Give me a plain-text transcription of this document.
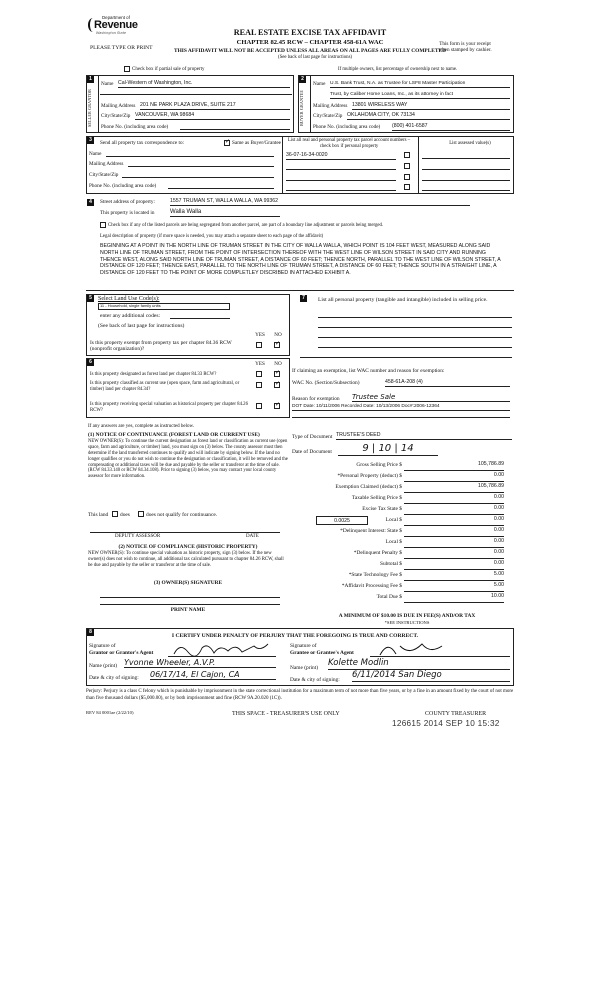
Department of
Revenue
Washington State
PLEASE TYPE OR PRINT
REAL ESTATE EXCISE TAX AFFIDAVIT
CHAPTER 82.45 RCW – CHAPTER 458-61A WAC
THIS AFFIDAVIT WILL NOT BE ACCEPTED UNLESS ALL AREAS ON ALL PAGES ARE FULLY COMPLETED
(See back of last page for instructions)
This form is your receipt
when stamped by cashier.
Check box if partial sale of property	If multiple owners, list percentage of ownership next to name.
1
SELLER GRANTOR
Name Cal-Western of Washington, Inc.
Mailing Address 201 NE PARK PLAZA DRIVE, SUITE 217
City/State/Zip VANCOUVER, WA 98684
Phone No. (including area code)
2
BUYER GRANTEE
Name U.S. Bank Trust, N.A. as Trustee for LSF8 Master Participation
Trust, by Caliber Home Loans, Inc., as its attorney in fact
Mailing Address 13801 WIRELESS WAY
City/State/Zip OKLAHOMA CITY, OK 73134
Phone No. (including area code) (800) 401-6587
3	Send all property tax correspondence to:
✓	Same as Buyer/Grantee
Name
Mailing Address
City/State/Zip
Phone No. (including area code)
List all real and personal property tax parcel account numbers – check box if personal property
List assessed value(s)
36-07-16-34-0020
4	Street address of property:	1557 TRUMAN ST, WALLA WALLA, WA 99362
This property is located in	Walla Walla
Check box if any of the listed parcels are being segregated from another parcel, are part of a boundary line adjustment or parcels being merged.
Legal description of property (if more space is needed, you may attach a separate sheet to each page of the affidavit)
BEGINNING AT A POINT IN THE NORTH LINE OF TRUMAN STREET IN THE CITY OF WALLA WALLA, WHICH POINT IS 104 FEET WEST, MEASURED ALONG SAID NORTH LINE OF TRUMAN STREET, FROM THE POINT OF INTERSECTION THEREOF WITH THE WEST LINE OF WILSON STREET IN SAID CITY AND RUNNING THENCE WEST, ALONG SAID NORTH LINE OF TRUMAN STREET, A DISTANCE OF 60 FEET; THENCE NORTH, PARALLEL TO THE WEST LINE OF WILSON STREET, A DISTANCE OF 120 FEET; THENCE EAST, PARALLEL TO THE NORTH LINE OF TRUMAN STREET, A DISTANCE OF 60 FEET; THENCE SOUTH IN A STRAIGHT LINE, A DISTANCE OF 120 FEET TO THE POINT OF MORE COMPLETLEY DISCRIBED IN ATTACHED EXHIBIT A.
5	Select Land Use Code(s):
11 - Household, single family units
enter any additional codes:
(See back of last page for instructions)
YES	NO
Is this property exempt from property tax per chapter 84.36 RCW (nonprofit organization)?
✓
6	YES	NO
Is this property designated as forest land per chapter 84.33 RCW?
✓
Is this property classified as current use (open space, farm and agricultural, or timber) land per chapter 84.34?
✓
Is this property receiving special valuation as historical property per chapter 84.26 RCW?
✓
If any answers are yes, complete as instructed below.
(1) NOTICE OF CONTINUANCE (FOREST LAND OR CURRENT USE)
NEW OWNER(S): To continue the current designation as forest land or classification as current use (open space, farm and agriculture, or timber) land, you must sign on (3) below. The county assessor must then determine if the land transferred continues to qualify and will indicate by signing below. If the land no longer qualifies or you do not wish to continue the designation or classification, it will be removed and the compensating or additional taxes will be due and payable by the seller or transferor at the time of sale. (RCW 84.33.140 or RCW 84.34.108). Prior to signing (3) below, you may contact your local county assessor for more information.
This land does	does not qualify for continuance.
DEPUTY ASSESSOR	DATE
(2) NOTICE OF COMPLIANCE (HISTORIC PROPERTY)
NEW OWNER(S): To continue special valuation as historic property, sign (3) below. If the new owner(s) does not wish to continue, all additional tax calculated pursuant to chapter 84.26 RCW, shall be due and payable by the seller or transferor at the time of sale.
(3) OWNER(S) SIGNATURE
PRINT NAME
7	List all personal property (tangible and intangible) included in selling price.
If claiming an exemption, list WAC number and reason for exemption:
WAC No. (Section/Subsection)	458-61A-208 (4)
Reason for exemption Trustee Sale
DOT Date: 10/11/2006 Recorded Date: 10/13/2006 Doc#:2006-12364
Type of Document TRUSTEE'S DEED
Date of Document	9 | 10 | 14
Gross Selling Price $
*Personal Property (deduct) $
Exemption Claimed (deduct) $
Taxable Selling Price $
Excise Tax State $
Local $
*Delinquent Interest: State $
Local $
*Delinquent Penalty $
Subtotal $
*State Technology Fee $
*Affidavit Processing Fee $
Total Due $
105,786.89
0.00
105,786.89
0.00
0.00
0.00
0.00
0.00
0.00
0.00
5.00
5.00
10.00
0.0025
A MINIMUM OF $10.00 IS DUE IN FEE(S) AND/OR TAX
*SEE INSTRUCTIONS
8
I CERTIFY UNDER PENALTY OF PERJURY THAT THE FOREGOING IS TRUE AND CORRECT.
Signature of
Grantor or Grantor's Agent
Name (print) Yvonne Wheeler, A.V.P.
Date & city of signing: 06/17/14, El Cajon, CA
Signature of
Grantee or Grantee's Agent
Name (print) Kolette Modlin
Date & city of signing: 6/11/2014 San Diego
Perjury: Perjury is a class C felony which is punishable by imprisonment in the state correctional institution for a maximum term of not more than five years, or by a fine in an amount fixed by the court of not more than five thousand dollars ($5,000.00), or by both imprisonment and fine (RCW 9A.20.020 (1C)).
REV 84 0001ae (2/22/10)	THIS SPACE - TREASURER'S USE ONLY	COUNTY TREASURER
126615 2014 SEP 10 15:32
